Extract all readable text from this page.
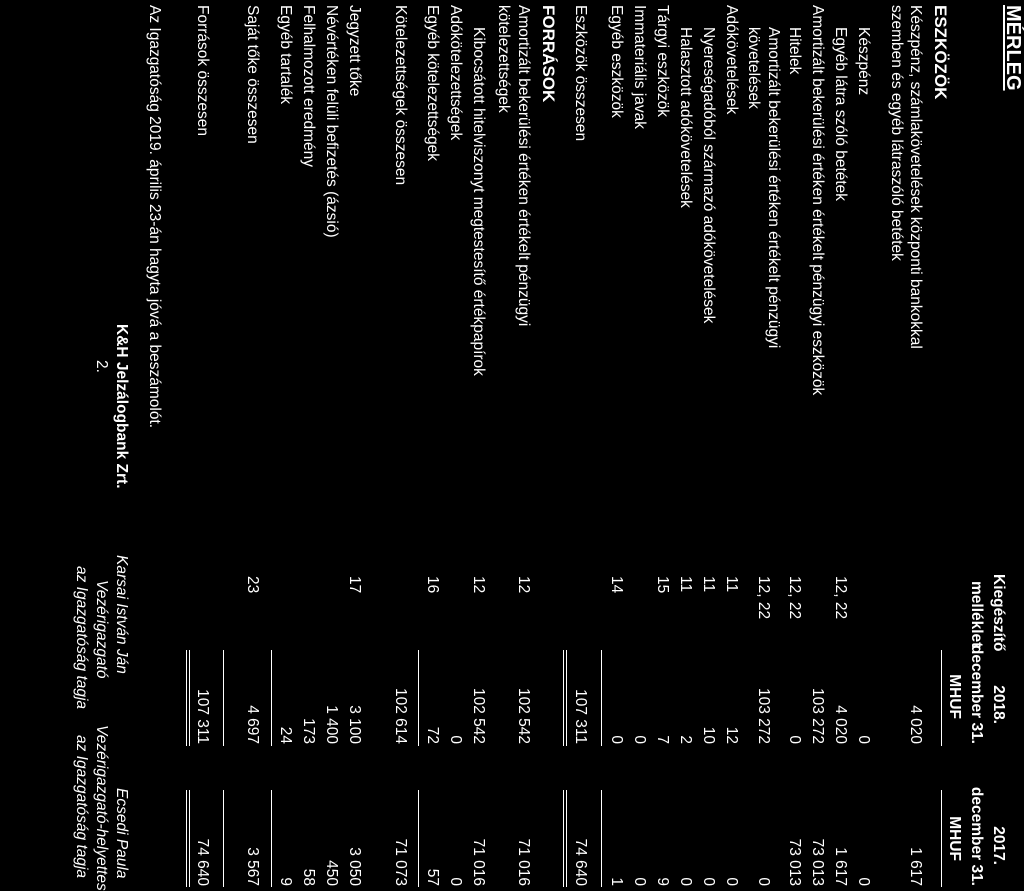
MÉRLEG
Kiegészítő
melléklet
2018.
december 31.
MHUF
2017.
december 31.
MHUF
ESZKÖZÖK
Készpénz, számlakövetelések központi bankokkal
szemben és egyéb látraszóló betétek
4 020
1 617
Készpénz
0
0
Egyéb látra szóló betétek
12, 22
4 020
1 617
Amortizált bekerülési értéken értékelt pénzügyi eszközök
103 272
73 013
Hitelek
12, 22
0
73 013
Amortizált bekerülési értéken értékelt pénzügyi
követelések
12, 22
103 272
0
Adókövetelések
11
12
0
Nyereségadóból származó adókövetelések
11
10
0
Halasztott adókövetelések
11
2
0
Tárgyi eszközök
15
7
9
Immateriális javak
0
0
Egyéb eszközök
14
0
1
Eszközök összesen
107 311
74 640
FORRÁSOK
Amortizált bekerülési értéken értékelt pénzügyi
kötelezettségek
12
102 542
71 016
Kibocsátott hitelviszonyt megtestesítő értékpapírok
12
102 542
71 016
Adókötelezettségek
0
0
Egyéb kötelezettségek
16
72
57
Kötelezettségek összesen
102 614
71 073
Jegyzett tőke
17
3 100
3 050
Névértéken felüli befizetés (ázsió)
1 400
450
Felhalmozott eredmény
173
58
Egyéb tartalék
24
9
Saját tőke összesen
23
4 697
3 567
Források összesen
107 311
74 640
Az Igazgatóság 2019. április 23-án hagyta jóvá a beszámolót.
K&H Jelzálogbank Zrt.
2.
Karsai István Ján
Vezérigazgató
az Igazgatóság tagja
Ecsedi Paula
Vezérigazgató-helyettes
az Igazgatóság tagja
